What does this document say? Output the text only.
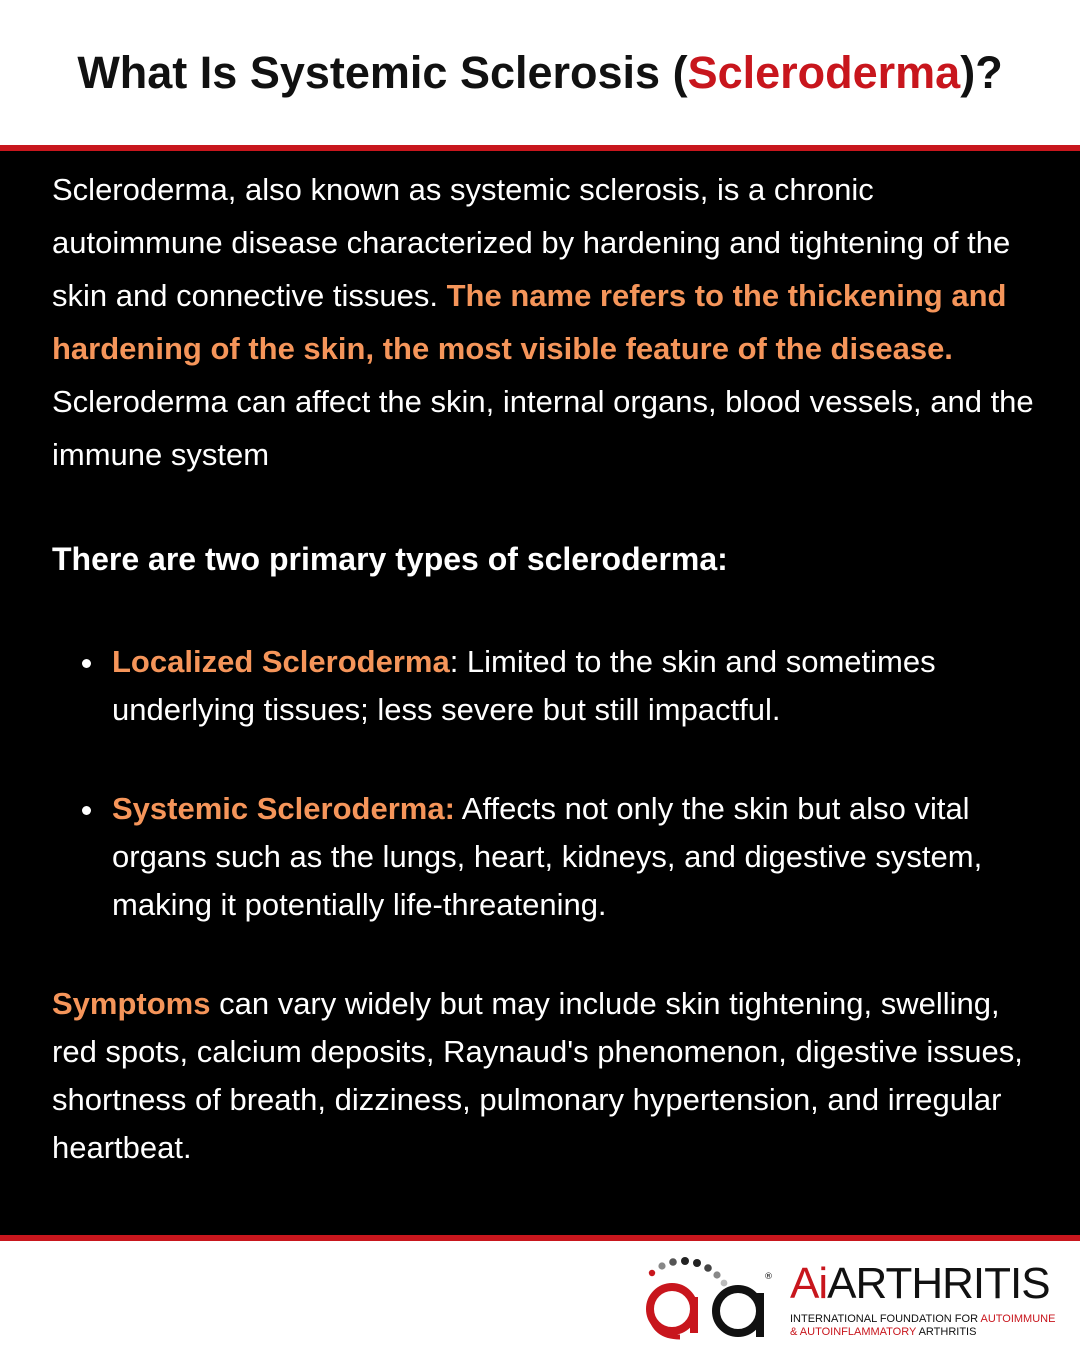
What Is Systemic Sclerosis (Scleroderma)?

Scleroderma, also known as systemic sclerosis, is a chronic autoimmune disease characterized by hardening and tightening of the skin and connective tissues. The name refers to the thickening and hardening of the skin, the most visible feature of the disease. Scleroderma can affect the skin, internal organs, blood vessels, and the immune system

There are two primary types of scleroderma:
Localized Scleroderma: Limited to the skin and sometimes underlying tissues; less severe but still impactful.
Systemic Scleroderma: Affects not only the skin but also vital organs such as the lungs, heart, kidneys, and digestive system, making it potentially life-threatening.

Symptoms can vary widely but may include skin tightening, swelling, red spots, calcium deposits, Raynaud's phenomenon, digestive issues, shortness of breath, dizziness, pulmonary hypertension, and irregular heartbeat.

® AiARTHRITIS
INTERNATIONAL FOUNDATION FOR AUTOIMMUNE
& AUTOINFLAMMATORY ARTHRITIS
